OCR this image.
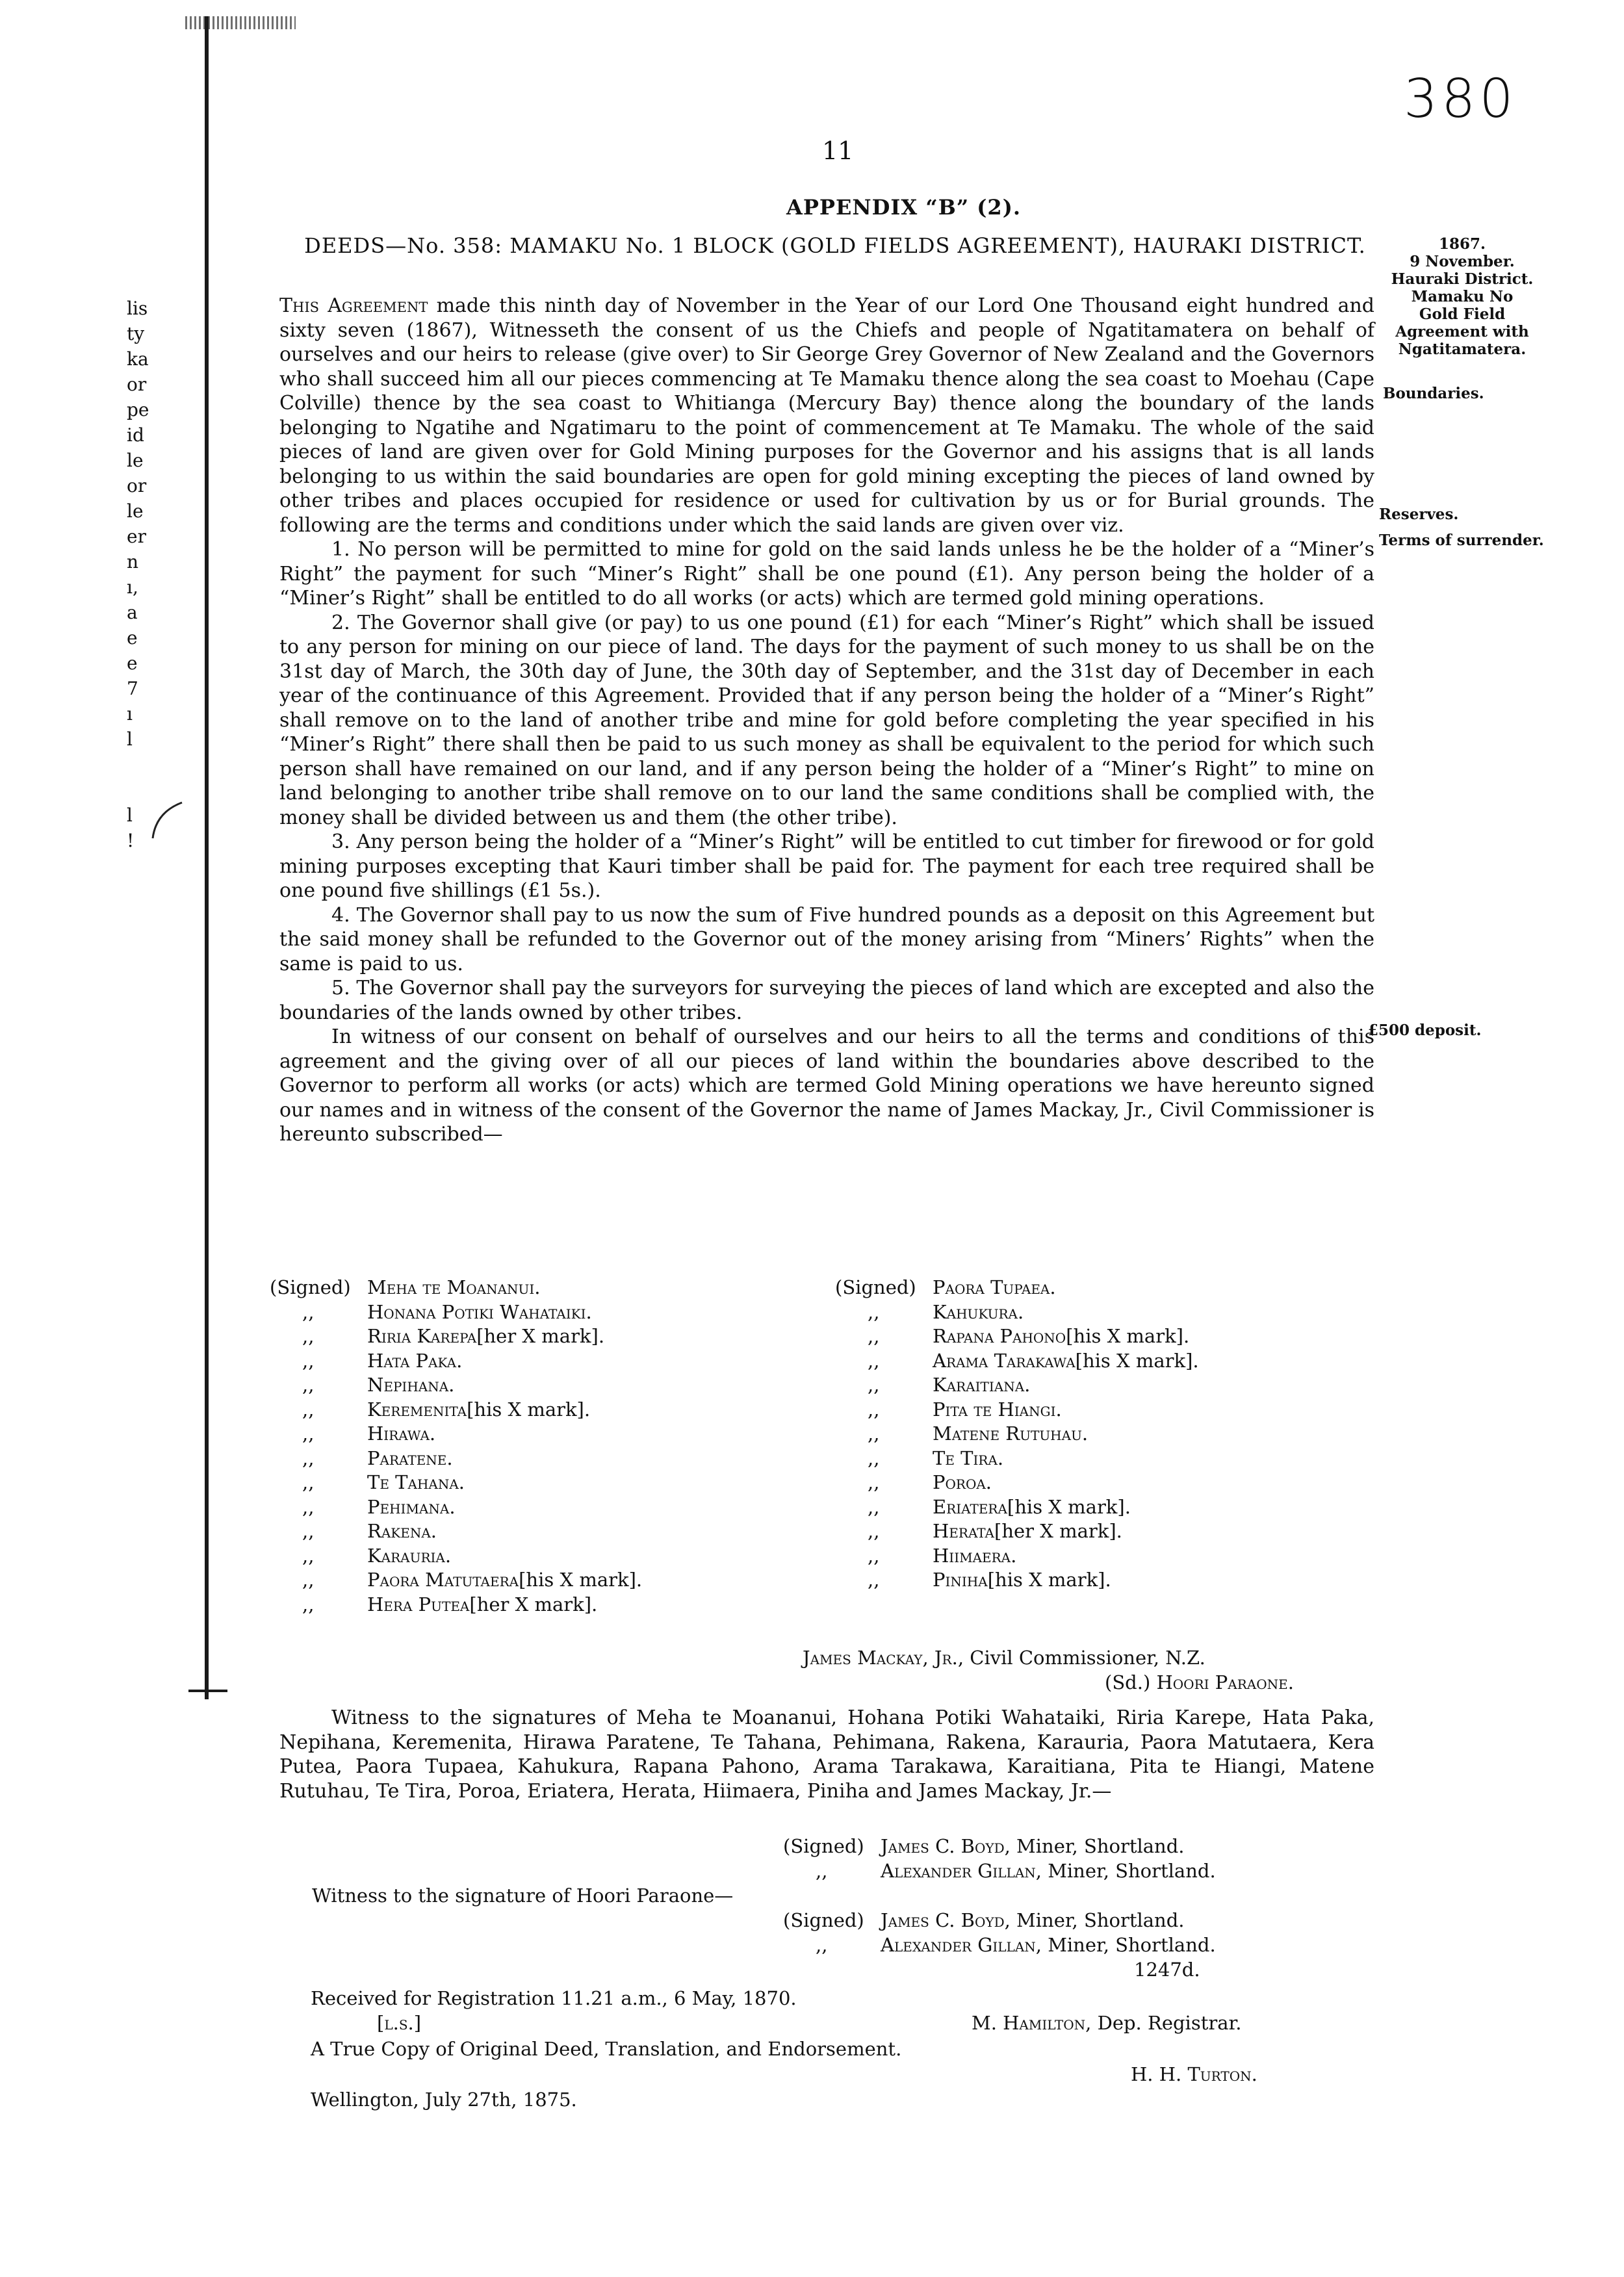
380
11
APPENDIX “B” (2).
DEEDS—No. 358: MAMAKU No. 1 BLOCK (GOLD FIELDS AGREEMENT), HAURAKI DISTRICT.
lis
ty
ka
or
pe
id
le
or
le
er
n
ı,
a
e
e
7
ı
l
l
!
1867.
9 November.
Hauraki District.
Mamaku No
Gold Field
Agreement with
Ngatitamatera.
Boundaries.
Reserves.
Terms of surrender.
£500 deposit.

This Agreement made this ninth day of November in the Year of our Lord One Thousand eight hundred and sixty seven (1867), Witnesseth the consent of us the Chiefs and people of Ngatitamatera on behalf of ourselves and our heirs to release (give over) to Sir George Grey Governor of New Zealand and the Governors who shall succeed him all our pieces commencing at Te Mamaku thence along the sea coast to Moehau (Cape Colville) thence by the sea coast to Whitianga (Mercury Bay) thence along the boundary of the lands belonging to Ngatihe and Ngatimaru to the point of commencement at Te Mamaku. The whole of the said pieces of land are given over for Gold Mining purposes for the Governor and his assigns that is all lands belonging to us within the said boundaries are open for gold mining excepting the pieces of land owned by other tribes and places occupied for residence or used for cultivation by us or for Burial grounds. The following are the terms and conditions under which the said lands are given over viz.

1. No person will be permitted to mine for gold on the said lands unless he be the holder of a “Miner’s Right” the payment for such “Miner’s Right” shall be one pound (£1). Any person being the holder of a “Miner’s Right” shall be entitled to do all works (or acts) which are termed gold mining operations.

2. The Governor shall give (or pay) to us one pound (£1) for each “Miner’s Right” which shall be issued to any person for mining on our piece of land. The days for the payment of such money to us shall be on the 31st day of March, the 30th day of June, the 30th day of September, and the 31st day of December in each year of the continuance of this Agreement. Provided that if any person being the holder of a “Miner’s Right” shall remove on to the land of another tribe and mine for gold before completing the year specified in his “Miner’s Right” there shall then be paid to us such money as shall be equivalent to the period for which such person shall have remained on our land, and if any person being the holder of a “Miner’s Right” to mine on land belonging to another tribe shall remove on to our land the same conditions shall be complied with, the money shall be divided between us and them (the other tribe).

3. Any person being the holder of a “Miner’s Right” will be entitled to cut timber for firewood or for gold mining purposes excepting that Kauri timber shall be paid for. The payment for each tree required shall be one pound five shillings (£1 5s.).

4. The Governor shall pay to us now the sum of Five hundred pounds as a deposit on this Agreement but the said money shall be refunded to the Governor out of the money arising from “Miners’ Rights” when the same is paid to us.

5. The Governor shall pay the surveyors for surveying the pieces of land which are excepted and also the boundaries of the lands owned by other tribes.

In witness of our consent on behalf of ourselves and our heirs to all the terms and conditions of this agreement and the giving over of all our pieces of land within the boundaries above described to the Governor to perform all works (or acts) which are termed Gold Mining operations we have hereunto signed our names and in witness of the consent of the Governor the name of James Mackay, Jr., Civil Commissioner is hereunto subscribed—

(Signed) Meha te Moananui.
,,	Honana Potiki Wahataiki.
,,	Riria Karepa [her X mark].
,,	Hata Paka.
,,	Nepihana.
,,	Keremenita [his X mark].
,,	Hirawa.
,,	Paratene.
,,	Te Tahana.
,,	Pehimana.
,,	Rakena.
,,	Karauria.
,,	Paora Matutaera [his X mark].
,,	Hera Putea [her X mark].
(Signed) Paora Tupaea.
,,	Kahukura.
,,	Rapana Pahono [his X mark].
,,	Arama Tarakawa [his X mark].
,,	Karaitiana.
,,	Pita te Hiangi.
,,	Matene Rutuhau.
,,	Te Tira.
,,	Poroa.
,,	Eriatera [his X mark].
,,	Herata [her X mark].
,,	Hiimaera.
,,	Piniha [his X mark].
James Mackay, Jr., Civil Commissioner, N.Z.
(Sd.) Hoori Paraone.

Witness to the signatures of Meha te Moananui, Hohana Potiki Wahataiki, Riria Karepe, Hata Paka, Nepihana, Keremenita, Hirawa Paratene, Te Tahana, Pehimana, Rakena, Karauria, Paora Matutaera, Kera Putea, Paora Tupaea, Kahukura, Rapana Pahono, Arama Tarakawa, Karaitiana, Pita te Hiangi, Matene Rutuhau, Te Tira, Poroa, Eriatera, Herata, Hiimaera, Piniha and James Mackay, Jr.—

(Signed) James C. Boyd , Miner, Shortland.
,,	Alexander Gillan , Miner, Shortland.
Witness to the signature of Hoori Paraone—
(Signed) James C. Boyd , Miner, Shortland.
,,	Alexander Gillan , Miner, Shortland.
1247d.
Received for Registration 11.21 a.m., 6 May, 1870.
[l.s.]	M. Hamilton, Dep. Registrar.
A True Copy of Original Deed, Translation, and Endorsement.
H. H. Turton.
Wellington, July 27th, 1875.
